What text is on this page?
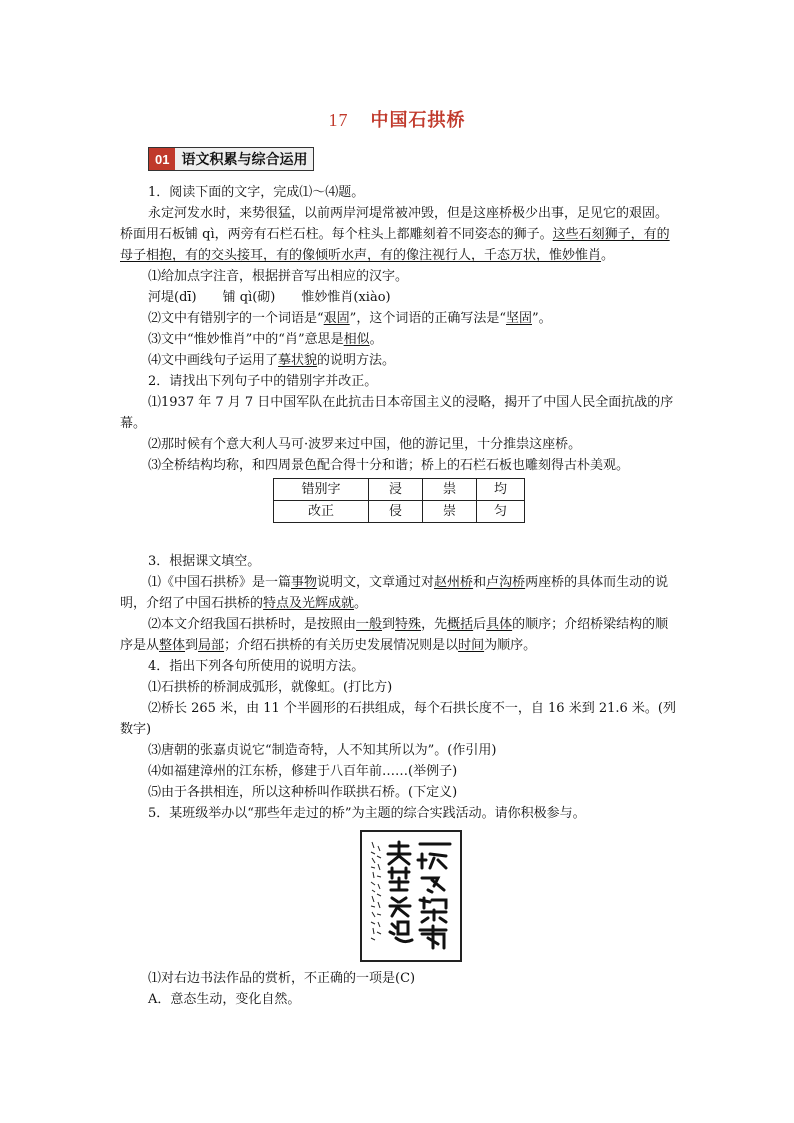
17 中国石拱桥
01 语文积累与综合运用

1．阅读下面的文字，完成⑴～⑷题。

永定河发水时，来势很猛，以前两岸河堤常被冲毁，但是这座桥极少出事，足见它的艰固。桥面用石板铺 qì，两旁有石栏石柱。每个柱头上都雕刻着不同姿态的狮子。这些石刻狮子，有的母子相抱，有的交头接耳，有的像倾听水声，有的像注视行人，千态万状，惟妙惟肖。

⑴给加点字注音，根据拼音写出相应的汉字。

河堤(dī)　　铺 qì(砌)　　惟妙惟肖(xiào)

⑵文中有错别字的一个词语是“艰固”，这个词语的正确写法是“坚固”。

⑶文中“惟妙惟肖”中的“肖”意思是相似。

⑷文中画线句子运用了摹状貌的说明方法。

2．请找出下列句子中的错别字并改正。

⑴1937 年 7 月 7 日中国军队在此抗击日本帝国主义的浸略，揭开了中国人民全面抗战的序幕。

⑵那时候有个意大利人马可·波罗来过中国，他的游记里，十分推祟这座桥。

⑶全桥结构均称，和四周景色配合得十分和谐；桥上的石栏石板也雕刻得古朴美观。

错别字	浸	祟	均
改正	侵	崇	匀

3．根据课文填空。

⑴《中国石拱桥》是一篇事物说明文，文章通过对赵州桥和卢沟桥两座桥的具体而生动的说明，介绍了中国石拱桥的特点及光辉成就。

⑵本文介绍我国石拱桥时，是按照由一般到特殊，先概括后具体的顺序；介绍桥梁结构的顺序是从整体到局部；介绍石拱桥的有关历史发展情况则是以时间为顺序。

4．指出下列各句所使用的说明方法。

⑴石拱桥的桥洞成弧形，就像虹。(打比方)

⑵桥长 265 米，由 11 个半圆形的石拱组成，每个石拱长度不一，自 16 米到 21.6 米。(列数字)

⑶唐朝的张嘉贞说它“制造奇特，人不知其所以为”。(作引用)

⑷如福建漳州的江东桥，修建于八百年前……(举例子)

⑸由于各拱相连，所以这种桥叫作联拱石桥。(下定义)

5．某班级举办以“那些年走过的桥”为主题的综合实践活动。请你积极参与。

⑴对右边书法作品的赏析，不正确的一项是(C)

A．意态生动，变化自然。
